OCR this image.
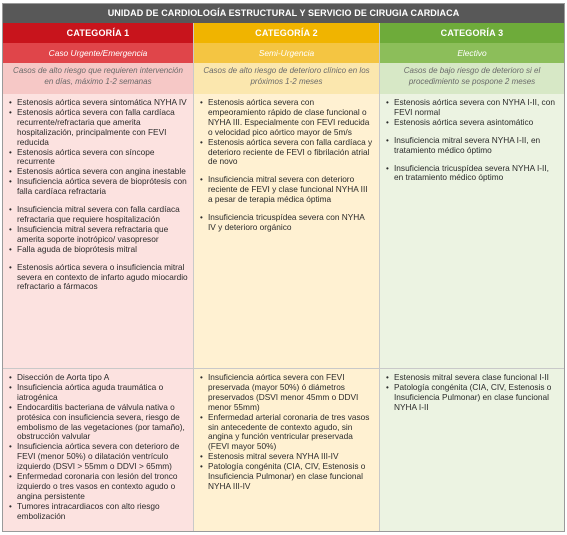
UNIDAD DE CARDIOLOGÍA ESTRUCTURAL Y SERVICIO DE CIRUGIA CARDIACA
CATEGORÍA 1
Caso Urgente/Emergencia
Casos de alto riesgo que requieren intervención en días, máximo 1-2 semanas
• Estenosis aórtica severa sintomática NYHA IV
• Estenosis aórtica severa con falla cardíaca recurrente/refractaria que amerita hospitalización, principalmente con FEVI reducida
• Estenosis aórtica severa con síncope recurrente
• Estenosis aórtica severa con angina inestable
• Insuficiencia aórtica severa de bioprótesis con falla cardíaca refractaria
• Insuficiencia mitral severa con falla cardíaca refractaria que requiere hospitalización
• Insuficiencia mitral severa refractaria que amerita soporte inotrópico/ vasopresor
• Falla aguda de bioprótesis mitral
• Estenosis aórtica severa o insuficiencia mitral severa en contexto de infarto agudo miocardio refractario a fármacos
• Disección de Aorta tipo A
• Insuficiencia aórtica aguda traumática o iatrogénica
• Endocarditis bacteriana de válvula nativa o protésica con insuficiencia severa, riesgo de embolismo de las vegetaciones (por tamaño), obstrucción valvular
• Insuficiencia aórtica severa con deterioro de FEVI (menor 50%) o dilatación ventrículo izquierdo (DSVI > 55mm o DDVI > 65mm)
• Enfermedad coronaria con lesión del tronco izquierdo o tres vasos en contexto agudo o angina persistente
• Tumores intracardiacos con alto riesgo embolización
CATEGORÍA 2
Semi-Urgencia
Casos de alto riesgo de deterioro clínico en los próximos 1-2 meses
• Estenosis aórtica severa con empeoramiento rápido de clase funcional o NYHA III. Especialmente con FEVI reducida o velocidad pico aórtico mayor de 5m/s
• Estenosis aórtica severa con falla cardíaca y deterioro reciente de FEVI o fibrilación atrial de novo
• Insuficiencia mitral severa con deterioro reciente de FEVI y clase funcional NYHA III a pesar de terapia médica óptima
• Insuficiencia tricuspídea severa con NYHA IV y deterioro orgánico
• Insuficiencia aórtica severa con FEVI preservada (mayor 50%) ó diámetros preservados (DSVI menor 45mm o DDVI menor 55mm)
• Enfermedad arterial coronaria de tres vasos sin antecedente de contexto agudo, sin angina y función ventricular preservada (FEVI mayor 50%)
• Estenosis mitral severa NYHA III-IV
• Patología congénita (CIA, CIV, Estenosis o Insuficiencia Pulmonar) en clase funcional NYHA III-IV
CATEGORÍA 3
Electivo
Casos de bajo riesgo de deterioro si el procedimiento se pospone 2 meses
• Estenosis aórtica severa con NYHA I-II, con FEVI normal
• Estenosis aórtica severa asintomático
• Insuficiencia mitral severa NYHA I-II, en tratamiento médico óptimo
• Insuficiencia tricuspídea severa NYHA I-II, en tratamiento médico óptimo
• Estenosis mitral severa clase funcional I-II
• Patología congénita (CIA, CIV, Estenosis o Insuficiencia Pulmonar) en clase funcional NYHA I-II
